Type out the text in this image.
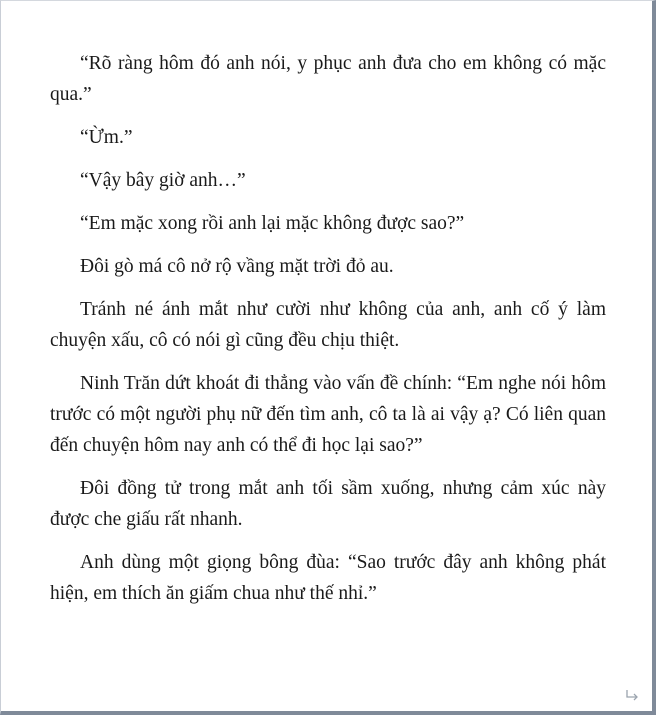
“Rõ ràng hôm đó anh nói, y phục anh đưa cho em không có mặc qua.”

“Ừm.”

“Vậy bây giờ anh…”

“Em mặc xong rồi anh lại mặc không được sao?”

Đôi gò má cô nở rộ vầng mặt trời đỏ au.

Tránh né ánh mắt như cười như không của anh, anh cố ý làm chuyện xấu, cô có nói gì cũng đều chịu thiệt.

Ninh Trăn dứt khoát đi thẳng vào vấn đề chính: “Em nghe nói hôm trước có một người phụ nữ đến tìm anh, cô ta là ai vậy ạ? Có liên quan đến chuyện hôm nay anh có thể đi học lại sao?”

Đôi đồng tử trong mắt anh tối sầm xuống, nhưng cảm xúc này được che giấu rất nhanh.

Anh dùng một giọng bông đùa: “Sao trước đây anh không phát hiện, em thích ăn giấm chua như thế nhỉ.”
